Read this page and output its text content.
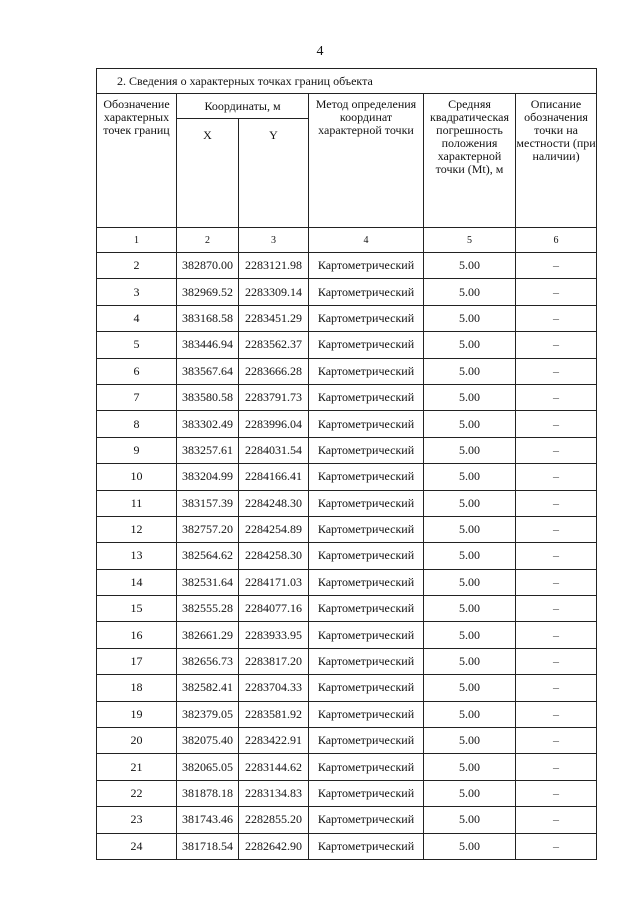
4
2. Сведения о характерных точках границ объекта					
Обозначение характерных точек границ	Координаты, м		Метод определения координат характерной точки	Средняя квадратическая погрешность положения характерной точки (Mt), м	Описание обозначения точки на местности (при наличии)
	X	Y			
1	2	3	4	5	6
2	382870.00	2283121.98	Картометрический	5.00	–
3	382969.52	2283309.14	Картометрический	5.00	–
4	383168.58	2283451.29	Картометрический	5.00	–
5	383446.94	2283562.37	Картометрический	5.00	–
6	383567.64	2283666.28	Картометрический	5.00	–
7	383580.58	2283791.73	Картометрический	5.00	–
8	383302.49	2283996.04	Картометрический	5.00	–
9	383257.61	2284031.54	Картометрический	5.00	–
10	383204.99	2284166.41	Картометрический	5.00	–
11	383157.39	2284248.30	Картометрический	5.00	–
12	382757.20	2284254.89	Картометрический	5.00	–
13	382564.62	2284258.30	Картометрический	5.00	–
14	382531.64	2284171.03	Картометрический	5.00	–
15	382555.28	2284077.16	Картометрический	5.00	–
16	382661.29	2283933.95	Картометрический	5.00	–
17	382656.73	2283817.20	Картометрический	5.00	–
18	382582.41	2283704.33	Картометрический	5.00	–
19	382379.05	2283581.92	Картометрический	5.00	–
20	382075.40	2283422.91	Картометрический	5.00	–
21	382065.05	2283144.62	Картометрический	5.00	–
22	381878.18	2283134.83	Картометрический	5.00	–
23	381743.46	2282855.20	Картометрический	5.00	–
24	381718.54	2282642.90	Картометрический	5.00	–
